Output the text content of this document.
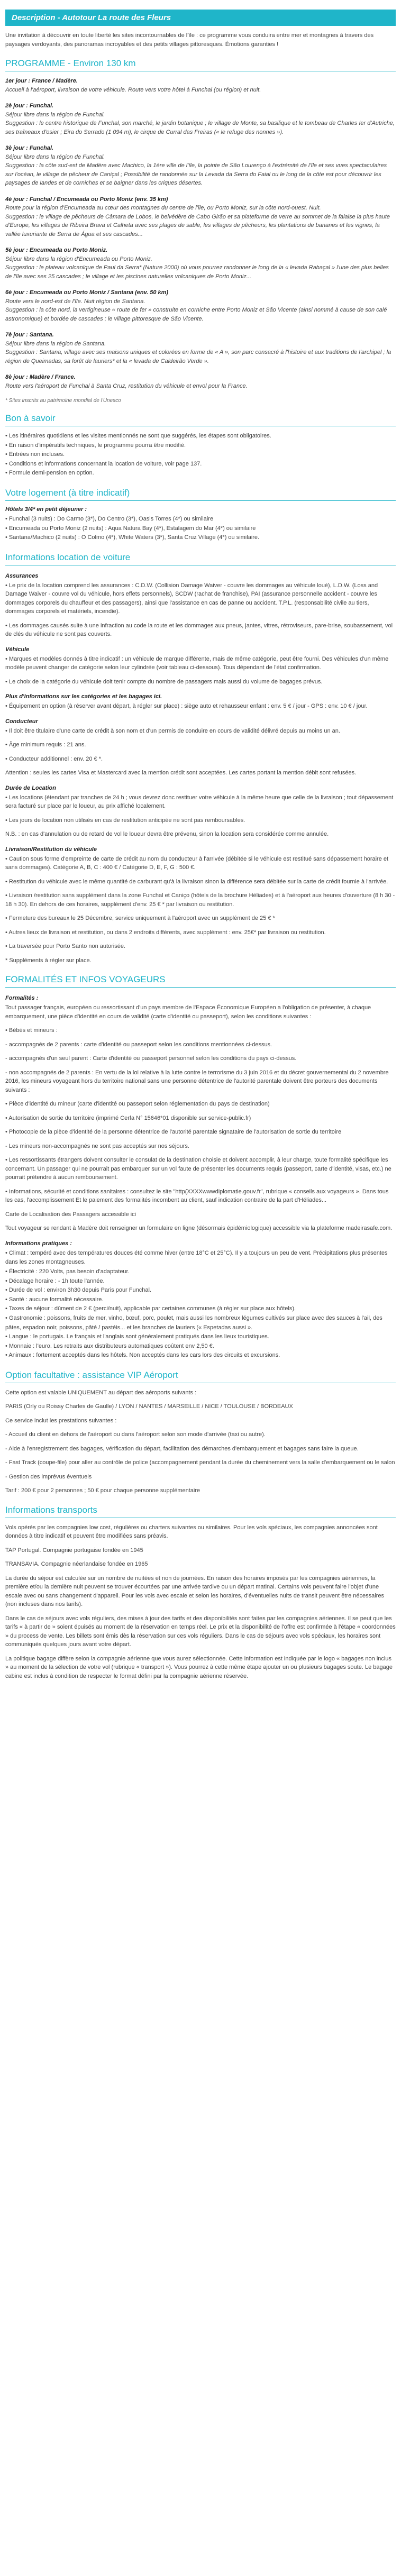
Description - Autotour La route des Fleurs

Une invitation à découvrir en toute liberté les sites incontournables de l'île : ce programme vous conduira entre mer et montagnes à travers des paysages verdoyants, des panoramas incroyables et des petits villages pittoresques. Émotions garanties !

PROGRAMME - Environ 130 km
1er jour : France / Madère.
Accueil à l'aéroport, livraison de votre véhicule. Route vers votre hôtel à Funchal (ou région) et nuit.
2è jour : Funchal.
Séjour libre dans la région de Funchal.
Suggestion : le centre historique de Funchal, son marché, le jardin botanique ; le village de Monte, sa basilique et le tombeau de Charles Ier d'Autriche, ses traîneaux d'osier ; Eira do Serrado (1 094 m), le cirque de Curral das Freiras (« le refuge des nonnes »).
3è jour : Funchal.
Séjour libre dans la région de Funchal.
Suggestion : la côte sud-est de Madère avec Machico, la 1ère ville de l'île, la pointe de São Lourenço à l'extrémité de l'île et ses vues spectaculaires sur l'océan, le village de pêcheur de Caniçal ; Possibilité de randonnée sur la Levada da Serra do Faial ou le long de la côte est pour découvrir les paysages de landes et de corniches et se baigner dans les criques désertes.
4è jour : Funchal / Encumeada ou Porto Moniz (env. 35 km)
Route pour la région d'Encumeada au cœur des montagnes du centre de l'île, ou Porto Moniz, sur la côte nord-ouest. Nuit.
Suggestion : le village de pêcheurs de Câmara de Lobos, le belvédère de Cabo Girão et sa plateforme de verre au sommet de la falaise la plus haute d'Europe, les villages de Ribeira Brava et Calheta avec ses plages de sable, les villages de pêcheurs, les plantations de bananes et les vignes, la vallée luxuriante de Serra de Água et ses cascades...
5è jour : Encumeada ou Porto Moniz.
Séjour libre dans la région d'Encumeada ou Porto Moniz.
Suggestion : le plateau volcanique de Paul da Serra* (Nature 2000) où vous pourrez randonner le long de la « levada Rabaçal » l'une des plus belles de l'île avec ses 25 cascades ; le village et les piscines naturelles volcaniques de Porto Moniz...
6è jour : Encumeada ou Porto Moniz / Santana (env. 50 km)
Route vers le nord-est de l'île. Nuit région de Santana.
Suggestion : la côte nord, la vertigineuse « route de fer » construite en corniche entre Porto Moniz et São Vicente (ainsi nommé à cause de son calé astronomique) et bordée de cascades ; le village pittoresque de São Vicente.
7è jour : Santana.
Séjour libre dans la région de Santana.
Suggestion : Santana, village avec ses maisons uniques et colorées en forme de « A », son parc consacré à l'histoire et aux traditions de l'archipel ; la région de Queimadas, sa forêt de lauriers* et la « levada de Caldeirão Verde ».
8è jour : Madère / France.
Route vers l'aéroport de Funchal à Santa Cruz, restitution du véhicule et envol pour la France.
* Sites inscrits au patrimoine mondial de l'Unesco
Bon à savoir
• Les itinéraires quotidiens et les visites mentionnés ne sont que suggérés, les étapes sont obligatoires.
• En raison d'impératifs techniques, le programme pourra être modifié.
• Entrées non incluses.
• Conditions et informations concernant la location de voiture, voir page 137.
• Formule demi-pension en option.
Votre logement (à titre indicatif)
Hôtels 3/4* en petit déjeuner :
• Funchal (3 nuits) : Do Carmo (3*), Do Centro (3*), Oasis Torres (4*) ou similaire
• Encumeada ou Porto Moniz (2 nuits) : Aqua Natura Bay (4*), Estalagem do Mar (4*) ou similaire
• Santana/Machico (2 nuits) : O Colmo (4*), White Waters (3*), Santa Cruz Village (4*) ou similaire.
Informations location de voiture
Assurances

• Le prix de la location comprend les assurances : C.D.W. (Collision Damage Waiver - couvre les dommages au véhicule loué), L.D.W. (Loss and Damage Waiver - couvre vol du véhicule, hors effets personnels), SCDW (rachat de franchise), PAI (assurance personnelle accident - couvre les dommages corporels du chauffeur et des passagers), ainsi que l'assistance en cas de panne ou accident. T.P.L. (responsabilité civile au tiers, dommages corporels et matériels, incendie).

• Les dommages causés suite à une infraction au code la route et les dommages aux pneus, jantes, vitres, rétroviseurs, pare-brise, soubassement, vol de clés du véhicule ne sont pas couverts.

Véhicule

• Marques et modèles donnés à titre indicatif : un véhicule de marque différente, mais de même catégorie, peut être fourni. Des véhicules d'un même modèle peuvent changer de catégorie selon leur cylindrée (voir tableau ci-dessous). Tous dépendant de l'état confirmation.

• Le choix de la catégorie du véhicule doit tenir compte du nombre de passagers mais aussi du volume de bagages prévus.

Plus d'informations sur les catégories et les bagages ici.

• Équipement en option (à réserver avant départ, à régler sur place) : siège auto et rehausseur enfant : env. 5 € / jour - GPS : env. 10 € / jour.

Conducteur

• Il doit être titulaire d'une carte de crédit à son nom et d'un permis de conduire en cours de validité délivré depuis au moins un an.

• Âge minimum requis : 21 ans.

• Conducteur additionnel : env. 20 € *.

Attention : seules les cartes Visa et Mastercard avec la mention crédit sont acceptées. Les cartes portant la mention débit sont refusées.

Durée de Location

• Les locations (étendant par tranches de 24 h ; vous devrez donc restituer votre véhicule à la même heure que celle de la livraison ; tout dépassement sera facturé sur place par le loueur, au prix affiché localement.

• Les jours de location non utilisés en cas de restitution anticipée ne sont pas remboursables.

N.B. : en cas d'annulation ou de retard de vol le loueur devra être prévenu, sinon la location sera considérée comme annulée.

Livraison/Restitution du véhicule

• Caution sous forme d'empreinte de carte de crédit au nom du conducteur à l'arrivée (débitée si le véhicule est restitué sans dépassement horaire et sans dommages). Catégorie A, B, C : 400 € / Catégorie D, E, F, G : 500 €.

• Restitution du véhicule avec le même quantité de carburant qu'à la livraison sinon la différence sera débitée sur la carte de crédit fournie à l'arrivée.

• Livraison /restitution sans supplément dans la zone Funchal et Caniço (hôtels de la brochure Héliades) et à l'aéroport aux heures d'ouverture (8 h 30 - 18 h 30). En dehors de ces horaires, supplément d'env. 25 € * par livraison ou restitution.

• Fermeture des bureaux le 25 Décembre, service uniquement à l'aéroport avec un supplément de 25 € *

• Autres lieux de livraison et restitution, ou dans 2 endroits différents, avec supplément : env. 25€* par livraison ou restitution.

• La traversée pour Porto Santo non autorisée.

* Suppléments à régler sur place.

FORMALITÉS ET INFOS VOYAGEURS
Formalités :

Tout passager français, européen ou ressortissant d'un pays membre de l'Espace Économique Européen a l'obligation de présenter, à chaque embarquement, une pièce d'identité en cours de validité (carte d'identité ou passeport), selon les conditions suivantes :

• Bébés et mineurs :

- accompagnés de 2 parents : carte d'identité ou passeport selon les conditions mentionnées ci-dessus.

- accompagnés d'un seul parent : Carte d'identité ou passeport personnel selon les conditions du pays ci-dessus.

- non accompagnés de 2 parents : En vertu de la loi relative à la lutte contre le terrorisme du 3 juin 2016 et du décret gouvernemental du 2 novembre 2016, les mineurs voyageant hors du territoire national sans une personne détentrice de l'autorité parentale doivent être porteurs des documents suivants :

• Pièce d'identité du mineur (carte d'identité ou passeport selon réglementation du pays de destination)

• Autorisation de sortie du territoire (imprimé Cerfa N° 15646*01 disponible sur service-public.fr)

• Photocopie de la pièce d'identité de la personne détentrice de l'autorité parentale signataire de l'autorisation de sortie du territoire

- Les mineurs non-accompagnés ne sont pas acceptés sur nos séjours.

• Les ressortissants étrangers doivent consulter le consulat de la destination choisie et doivent accomplir, à leur charge, toute formalité spécifique les concernant. Un passager qui ne pourrait pas embarquer sur un vol faute de présenter les documents requis (passeport, carte d'identité, visas, etc.) ne pourrait prétendre à aucun remboursement.

• Informations, sécurité et conditions sanitaires : consultez le site "http(XXXXwwwdiplomatie.gouv.fr", rubrique « conseils aux voyageurs ». Dans tous les cas, l'accomplissement Et le paiement des formalités incombent au client, sauf indication contraire de la part d'Héliades...

Carte de Localisation des Passagers accessible ici

Tout voyageur se rendant à Madère doit renseigner un formulaire en ligne (désormais épidémiologique) accessible via la plateforme madeirasafe.com.

Informations pratiques :
• Climat : tempéré avec des températures douces été comme hiver (entre 18°C et 25°C). Il y a toujours un peu de vent. Précipitations plus présentes dans les zones montagneuses.
• Électricité : 220 Volts, pas besoin d'adaptateur.
• Décalage horaire : - 1h toute l'année.
• Durée de vol : environ 3h30 depuis Paris pour Funchal.
• Santé : aucune formalité nécessaire.
• Taxes de séjour : dûment de 2 € (perci/nuit), applicable par certaines communes (à régler sur place aux hôtels).
• Gastronomie : poissons, fruits de mer, vinho, bœuf, porc, poulet, mais aussi les nombreux légumes cultivés sur place avec des sauces à l'ail, des pâtes, espadon noir, poissons, pâté / pastéis... et les branches de lauriers (« Espetadas aussi ».
• Langue : le portugais. Le français et l'anglais sont généralement pratiqués dans les lieux touristiques.
• Monnaie : l'euro. Les retraits aux distributeurs automatiques coûtent env 2,50 €.
• Animaux : fortement acceptés dans les hôtels. Non acceptés dans les cars lors des circuits et excursions.
Option facultative : assistance VIP Aéroport

Cette option est valable UNIQUEMENT au départ des aéroports suivants :

PARIS (Orly ou Roissy Charles de Gaulle) / LYON / NANTES / MARSEILLE / NICE / TOULOUSE / BORDEAUX

Ce service inclut les prestations suivantes :

- Accueil du client en dehors de l'aéroport ou dans l'aéroport selon son mode d'arrivée (taxi ou autre).

- Aide à l'enregistrement des bagages, vérification du départ, facilitation des démarches d'embarquement et bagages sans faire la queue.

- Fast Track (coupe-file) pour aller au contrôle de police (accompagnement pendant la durée du cheminement vers la salle d'embarquement ou le salon

- Gestion des imprévus éventuels

Tarif : 200 € pour 2 personnes ; 50 € pour chaque personne supplémentaire

Informations transports

Vols opérés par les compagnies low cost, régulières ou charters suivantes ou similaires. Pour les vols spéciaux, les compagnies annoncées sont données à titre indicatif et peuvent être modifiées sans préavis.

TAP Portugal. Compagnie portugaise fondée en 1945

TRANSAVIA. Compagnie néerlandaise fondée en 1965

La durée du séjour est calculée sur un nombre de nuitées et non de journées. En raison des horaires imposés par les compagnies aériennes, la première et/ou la dernière nuit peuvent se trouver écourtées par une arrivée tardive ou un départ matinal. Certains vols peuvent faire l'objet d'une escale avec ou sans changement d'appareil. Pour les vols avec escale et selon les horaires, d'éventuelles nuits de transit peuvent être nécessaires (non incluses dans nos tarifs).

Dans le cas de séjours avec vols réguliers, des mises à jour des tarifs et des disponibilités sont faites par les compagnies aériennes. Il se peut que les tarifs « à partir de » soient épuisés au moment de la réservation en temps réel. Le prix et la disponibilité de l'offre est confirmée à l'étape « coordonnées » du process de vente. Les billets sont émis dès la réservation sur ces vols réguliers. Dans le cas de séjours avec vols spéciaux, les horaires sont communiqués quelques jours avant votre départ.

La politique bagage diffère selon la compagnie aérienne que vous aurez sélectionnée. Cette information est indiquée par le logo « bagages non inclus » au moment de la sélection de votre vol (rubrique « transport »). Vous pourrez à cette même étape ajouter un ou plusieurs bagages soute. Le bagage cabine est inclus à condition de respecter le format défini par la compagnie aérienne réservée.
